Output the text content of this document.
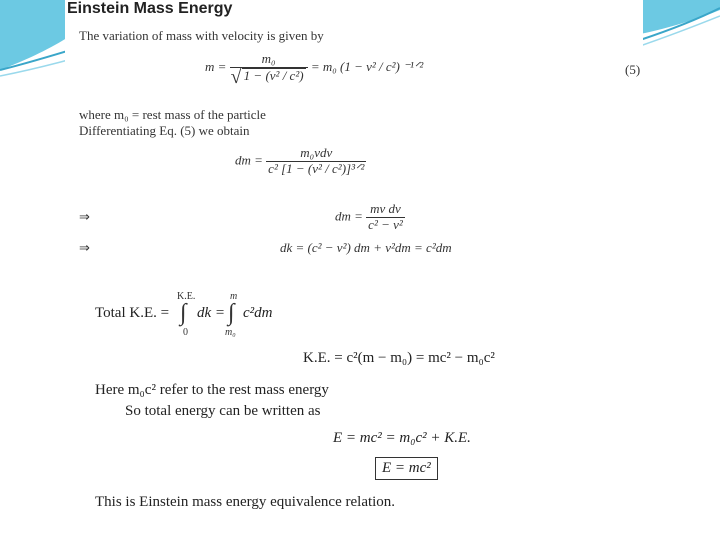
Einstein Mass Energy
The variation of mass with velocity is given by
m = m₀
√ 1 − (v² / c²) = m₀ (1 − v² / c²) ⁻¹ᐟ²	(5)
where m₀ = rest mass of the particle
Differentiating Eq. (5) we obtain
dm = $\frac{\text{m₀vdv}}{\text{c² [1 − (v² / c²)]³ᐟ²}}$
⇒	dm = $\frac{\text{mv dv}}{\text{c² − v²}}$
⇒	dk = (c² − v²) dm + v²dm = c²dm
Total K.E. =
K.E.
∫
0
dk =
m
∫
m₀
c²dm
K.E. = c²(m − m₀) = mc² − m₀c²
Here m₀c² refer to the rest mass energy
So total energy can be written as
E = mc² = m₀c² + K.E.
E = mc²
This is Einstein mass energy equivalence relation.
